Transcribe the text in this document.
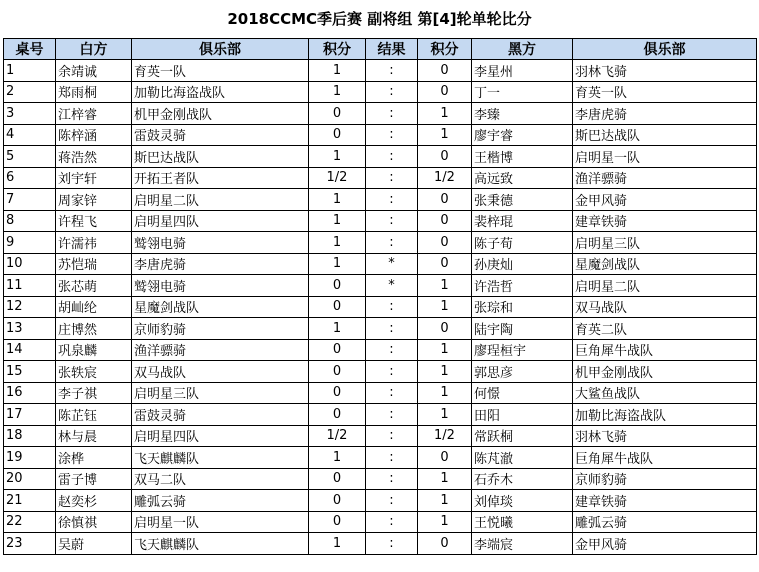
2018CCMC季后赛 副将组 第[4]轮单轮比分
桌号	白方	俱乐部	积分	结果	积分	黑方	俱乐部
1	余靖诚	育英一队	1	:	0	李星州	羽林飞骑
2	郑雨桐	加勒比海盗战队	1	:	0	丁一	育英一队
3	江梓睿	机甲金刚战队	0	:	1	李臻	李唐虎骑
4	陈梓涵	雷鼓灵骑	0	:	1	廖宇睿	斯巴达战队
5	蒋浩然	斯巴达战队	1	:	0	王楷博	启明星一队
6	刘宇轩	开拓王者队	1/2	:	1/2	高远致	渔洋骠骑
7	周家锌	启明星二队	1	:	0	张秉德	金甲风骑
8	许程飞	启明星四队	1	:	0	裴梓琨	建章铁骑
9	许濡祎	鹫翎电骑	1	:	0	陈子荀	启明星三队
10	苏恺瑞	李唐虎骑	1	*	0	孙庚灿	星魔剑战队
11	张芯萌	鹫翎电骑	0	*	1	许浩哲	启明星二队
12	胡屾纶	星魔剑战队	0	:	1	张琮和	双马战队
13	庄博然	京师豹骑	1	:	0	陆宇陶	育英二队
14	巩泉麟	渔洋骠骑	0	:	1	廖珵桓宇	巨角犀牛战队
15	张轶宸	双马战队	0	:	1	郭思彦	机甲金刚战队
16	李子祺	启明星三队	0	:	1	何憬	大鲨鱼战队
17	陈芷钰	雷鼓灵骑	0	:	1	田阳	加勒比海盗战队
18	林与晨	启明星四队	1/2	:	1/2	常跃桐	羽林飞骑
19	涂桦	飞天麒麟队	1	:	0	陈芃澈	巨角犀牛战队
20	雷子博	双马二队	0	:	1	石乔木	京师豹骑
21	赵奕杉	雕弧云骑	0	:	1	刘倬琰	建章铁骑
22	徐慎祺	启明星一队	0	:	1	王悦曦	雕弧云骑
23	吴蔚	飞天麒麟队	1	:	0	李端宸	金甲风骑
